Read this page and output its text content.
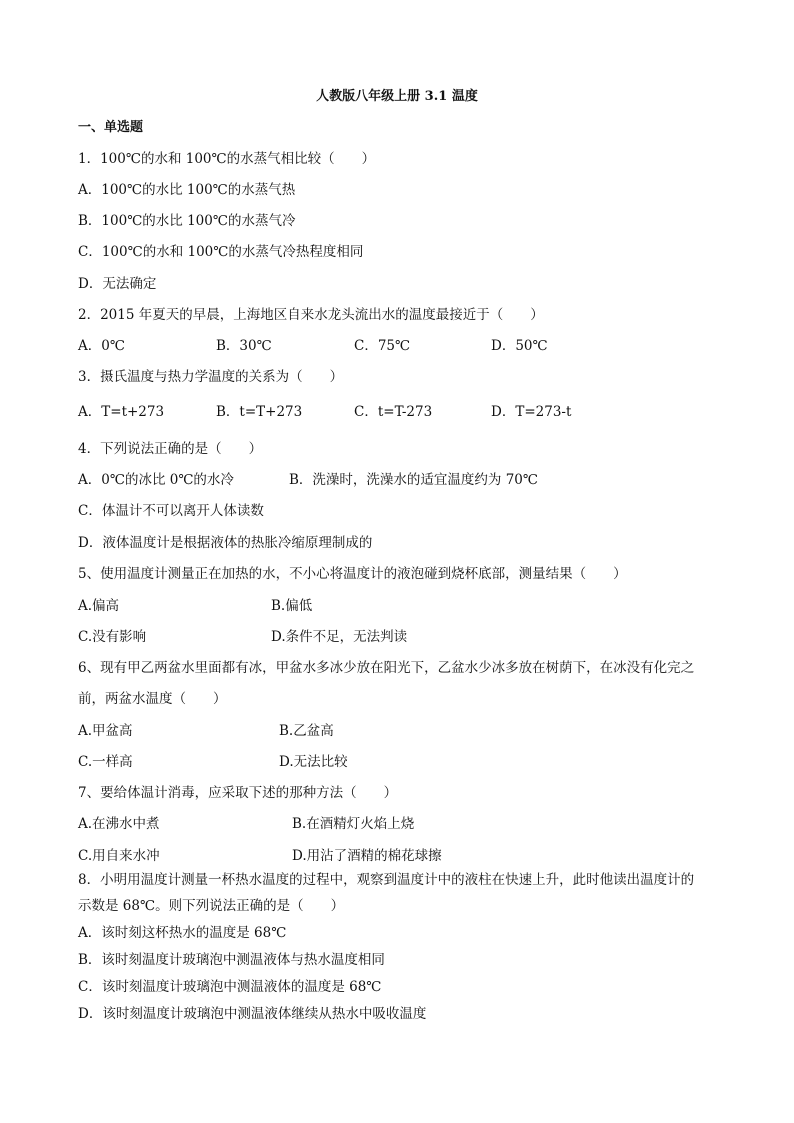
人教版八年级上册 3.1 温度
一、单选题
1．100℃的水和 100℃的水蒸气相比较（　　）
A．100℃的水比 100℃的水蒸气热
B．100℃的水比 100℃的水蒸气冷
C．100℃的水和 100℃的水蒸气冷热程度相同
D．无法确定
2．2015 年夏天的早晨，上海地区自来水龙头流出水的温度最接近于（　　）
A．0℃	B．30℃	C．75℃	D．50℃
3．摄氏温度与热力学温度的关系为（　　）
A．T=t+273	B．t=T+273	C．t=T-273	D．T=273-t
4．下列说法正确的是（　　）
A．0℃的冰比 0℃的水冷	B．洗澡时，洗澡水的适宜温度约为 70℃
C．体温计不可以离开人体读数
D．液体温度计是根据液体的热胀冷缩原理制成的
5、使用温度计测量正在加热的水，不小心将温度计的液泡碰到烧杯底部，测量结果（　　）
A.偏高	B.偏低
C.没有影响	D.条件不足，无法判读
6、现有甲乙两盆水里面都有冰，甲盆水多冰少放在阳光下，乙盆水少冰多放在树荫下，在冰没有化完之
前，两盆水温度（　　）
A.甲盆高	B.乙盆高
C.一样高	D.无法比较
7、要给体温计消毒，应采取下述的那种方法（　　）
A.在沸水中煮	B.在酒精灯火焰上烧
C.用自来水冲	D.用沾了酒精的棉花球擦
8．小明用温度计测量一杯热水温度的过程中，观察到温度计中的液柱在快速上升，此时他读出温度计的
示数是 68℃。则下列说法正确的是（　　）
A．该时刻这杯热水的温度是 68℃
B．该时刻温度计玻璃泡中测温液体与热水温度相同
C．该时刻温度计玻璃泡中测温液体的温度是 68℃
D．该时刻温度计玻璃泡中测温液体继续从热水中吸收温度
